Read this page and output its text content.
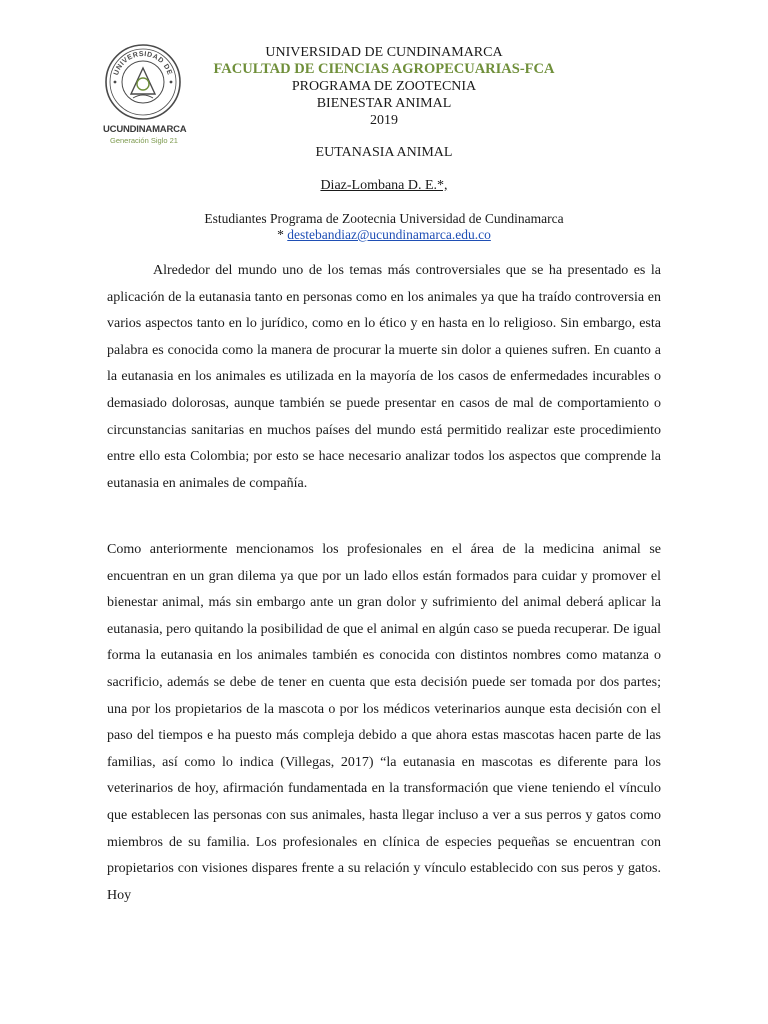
UNIVERSIDAD DE
UCUNDINAMARCA
Generación Siglo 21
UNIVERSIDAD DE CUNDINAMARCA
FACULTAD DE CIENCIAS AGROPECUARIAS-FCA
PROGRAMA DE ZOOTECNIA
BIENESTAR ANIMAL
2019
EUTANASIA ANIMAL
Diaz-Lombana D. E.*,
Estudiantes Programa de Zootecnia Universidad de Cundinamarca
* destebandiaz@ucundinamarca.edu.co

Alrededor del mundo uno de los temas más controversiales que se ha presentado es la aplicación de la eutanasia tanto en personas como en los animales ya que ha traído controversia en varios aspectos tanto en lo jurídico, como en lo ético y en hasta en lo religioso. Sin embargo, esta palabra es conocida como la manera de procurar la muerte sin dolor a quienes sufren. En cuanto a la eutanasia en los animales es utilizada en la mayoría de los casos de enfermedades incurables o demasiado dolorosas, aunque también se puede presentar en casos de mal de comportamiento o circunstancias sanitarias en muchos países del mundo está permitido realizar este procedimiento entre ello esta Colombia; por esto se hace necesario analizar todos los aspectos que comprende la eutanasia en animales de compañía.

Como anteriormente mencionamos los profesionales en el área de la medicina animal se encuentran en un gran dilema ya que por un lado ellos están formados para cuidar y promover el bienestar animal, más sin embargo ante un gran dolor y sufrimiento del animal deberá aplicar la eutanasia, pero quitando la posibilidad de que el animal en algún caso se pueda recuperar. De igual forma la eutanasia en los animales también es conocida con distintos nombres como matanza o sacrificio, además se debe de tener en cuenta que esta decisión puede ser tomada por dos partes; una por los propietarios de la mascota o por los médicos veterinarios aunque esta decisión con el paso del tiempos e ha puesto más compleja debido a que ahora estas mascotas hacen parte de las familias, así como lo indica (Villegas, 2017) “la eutanasia en mascotas es diferente para los veterinarios de hoy, afirmación fundamentada en la transformación que viene teniendo el vínculo que establecen las personas con sus animales, hasta llegar incluso a ver a sus perros y gatos como miembros de su familia. Los profesionales en clínica de especies pequeñas se encuentran con propietarios con visiones dispares frente a su relación y vínculo establecido con sus peros y gatos. Hoy
